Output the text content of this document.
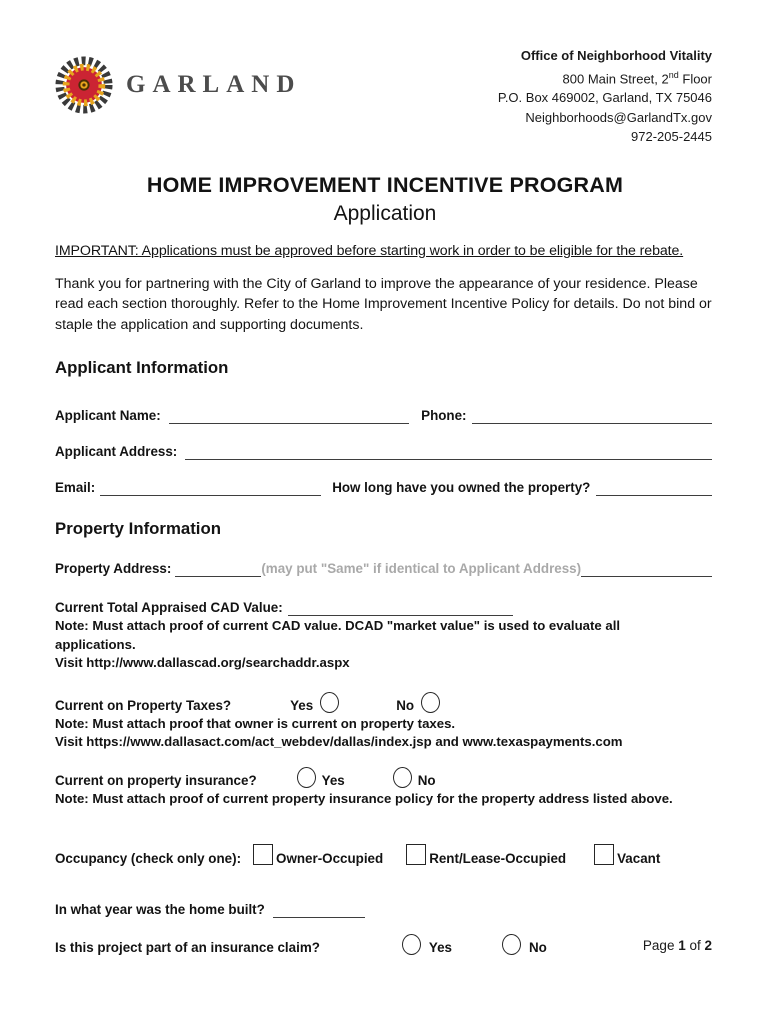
GARLAND
Office of Neighborhood Vitality
800 Main Street, 2nd Floor
P.O. Box 469002, Garland, TX 75046
Neighborhoods@GarlandTx.gov
972-205-2445
HOME IMPROVEMENT INCENTIVE PROGRAM
Application
IMPORTANT: Applications must be approved before starting work in order to be eligible for the rebate.

Thank you for partnering with the City of Garland to improve the appearance of your residence. Please read each section thoroughly. Refer to the Home Improvement Incentive Policy for details. Do not bind or staple the application and supporting documents.

Applicant Information
Applicant Name:	Phone:
Applicant Address:
Email:	How long have you owned the property?
Property Information
Property Address:	(may put "Same" if identical to Applicant Address)
Current Total Appraised CAD Value:
Note: Must attach proof of current CAD value. DCAD "market value" is used to evaluate all applications.
Visit http://www.dallascad.org/searchaddr.aspx
Current on Property Taxes?	Yes	No
Note: Must attach proof that owner is current on property taxes.
Visit https://www.dallasact.com/act_webdev/dallas/index.jsp and www.texaspayments.com
Current on property insurance?	Yes	No
Note: Must attach proof of current property insurance policy for the property address listed above.
Occupancy (check only one):	Owner-Occupied	Rent/Lease-Occupied	Vacant
In what year was the home built?
Is this project part of an insurance claim?	Yes	No	Page 1 of 2
